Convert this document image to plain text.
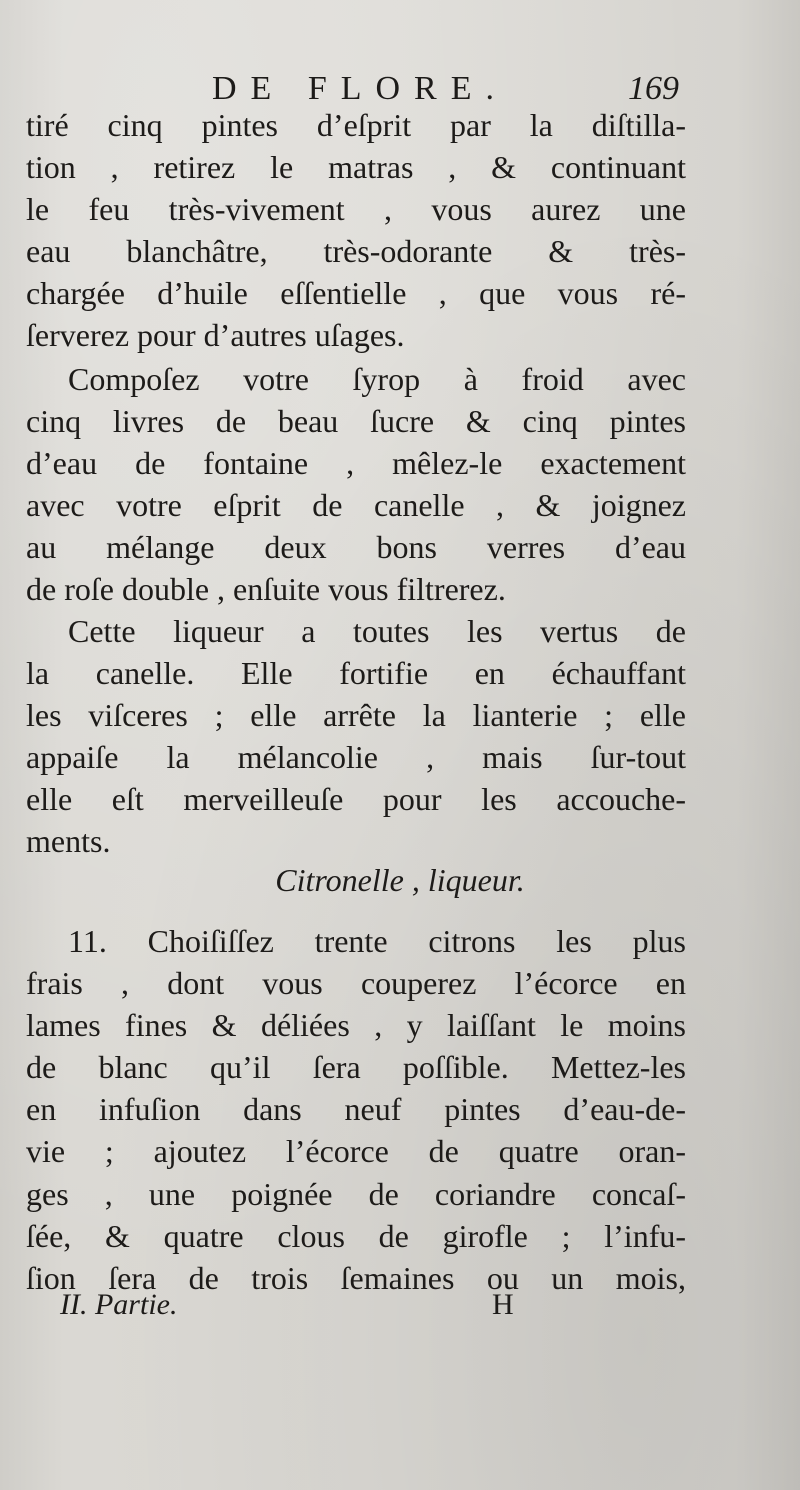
DE FLORE.	169
tiré cinq pintes d’eſprit par la diſtilla-
tion , retirez le matras , & continuant
le feu très-vivement , vous aurez une
eau blanchâtre, très-odorante & très-
chargée d’huile eſſentielle , que vous ré-
ſerverez pour d’autres uſages.
Compoſez votre ſyrop à froid avec
cinq livres de beau ſucre & cinq pintes
d’eau de fontaine , mêlez-le exactement
avec votre eſprit de canelle , & joignez
au mélange deux bons verres d’eau
de roſe double , enſuite vous filtrerez.
Cette liqueur a toutes les vertus de
la canelle. Elle fortifie en échauffant
les viſceres ; elle arrête la lianterie ; elle
appaiſe la mélancolie , mais ſur-tout
elle eſt merveilleuſe pour les accouche-
ments.
Citronelle , liqueur.
11. Choiſiſſez trente citrons les plus
frais , dont vous couperez l’écorce en
lames fines & déliées , y laiſſant le moins
de blanc qu’il ſera poſſible. Mettez-les
en infuſion dans neuf pintes d’eau-de-
vie ; ajoutez l’écorce de quatre oran-
ges , une poignée de coriandre concaſ-
ſée, & quatre clous de girofle ; l’infu-
ſion ſera de trois ſemaines ou un mois,
II. Partie.	H
